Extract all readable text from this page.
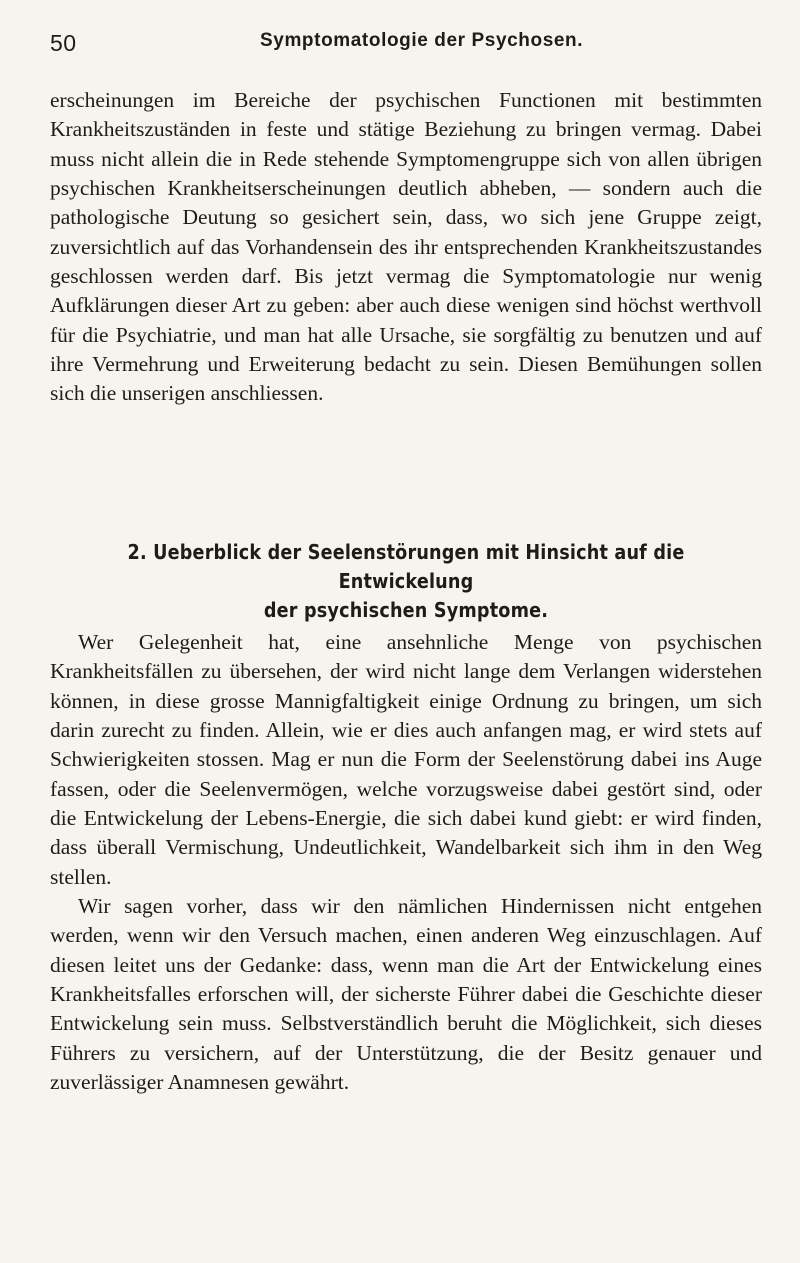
50	Symptomatologie der Psychosen.

erscheinungen im Bereiche der psychischen Functionen mit bestimmten Krankheitszuständen in feste und stätige Beziehung zu bringen vermag. Dabei muss nicht allein die in Rede stehende Symptomengruppe sich von allen übrigen psychischen Krankheitserscheinungen deutlich abheben, — sondern auch die pathologische Deutung so gesichert sein, dass, wo sich jene Gruppe zeigt, zuversichtlich auf das Vorhandensein des ihr entsprechenden Krankheitszustandes geschlossen werden darf. Bis jetzt vermag die Symptomatologie nur wenig Aufklärungen dieser Art zu geben: aber auch diese wenigen sind höchst werthvoll für die Psychiatrie, und man hat alle Ursache, sie sorgfältig zu benutzen und auf ihre Vermehrung und Erweiterung bedacht zu sein. Diesen Bemühungen sollen sich die unserigen anschliessen.

2. Ueberblick der Seelenstörungen mit Hinsicht auf die Entwickelung
der psychischen Symptome.

Wer Gelegenheit hat, eine ansehnliche Menge von psychischen Krankheitsfällen zu übersehen, der wird nicht lange dem Verlangen widerstehen können, in diese grosse Mannigfaltigkeit einige Ordnung zu bringen, um sich darin zurecht zu finden. Allein, wie er dies auch anfangen mag, er wird stets auf Schwierigkeiten stossen. Mag er nun die Form der Seelenstörung dabei ins Auge fassen, oder die Seelenvermögen, welche vorzugsweise dabei gestört sind, oder die Entwickelung der Lebens-Energie, die sich dabei kund giebt: er wird finden, dass überall Vermischung, Undeutlichkeit, Wandelbarkeit sich ihm in den Weg stellen.

Wir sagen vorher, dass wir den nämlichen Hindernissen nicht entgehen werden, wenn wir den Versuch machen, einen anderen Weg einzuschlagen. Auf diesen leitet uns der Gedanke: dass, wenn man die Art der Entwickelung eines Krankheitsfalles erforschen will, der sicherste Führer dabei die Geschichte dieser Entwickelung sein muss. Selbstverständlich beruht die Möglichkeit, sich dieses Führers zu versichern, auf der Unterstützung, die der Besitz genauer und zuverlässiger Anamnesen gewährt.
